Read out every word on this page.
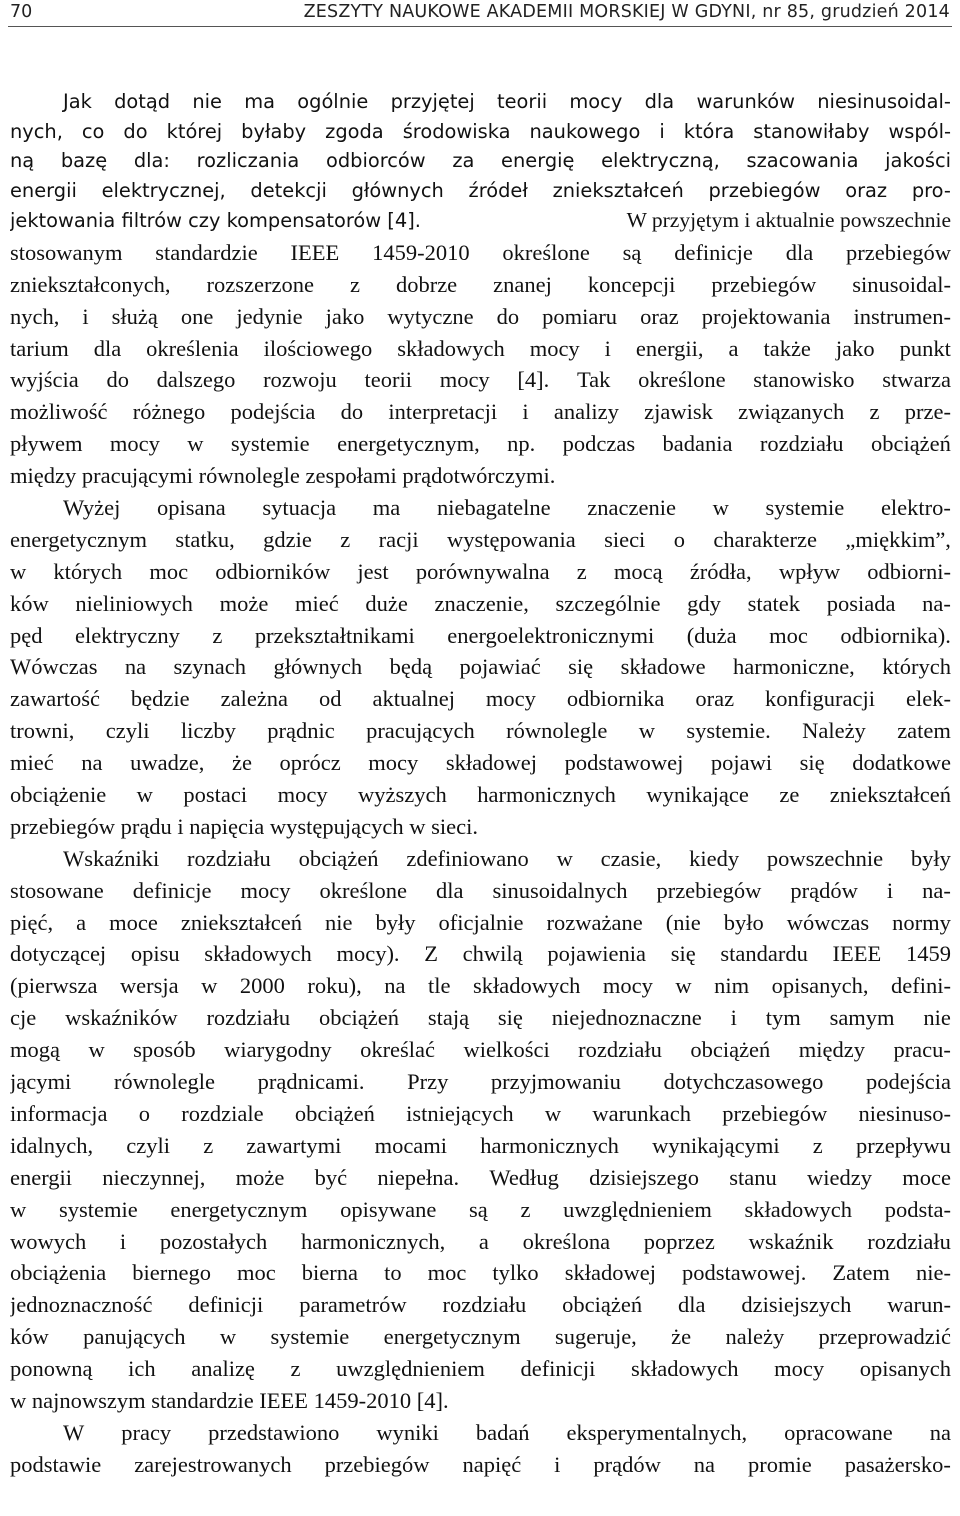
70	ZESZYTY NAUKOWE AKADEMII MORSKIEJ W GDYNI, nr 85, grudzień 2014

Jak dotąd nie ma ogólnie przyjętej teorii mocy dla warunków niesinusoidal-

nych, co do której byłaby zgoda środowiska naukowego i która stanowiłaby wspól-

ną bazę dla: rozliczania odbiorców za energię elektryczną, szacowania jakości

energii elektrycznej, detekcji głównych źródeł zniekształceń przebiegów oraz pro-

jektowania filtrów czy kompensatorów [4].	W przyjętym i aktualnie powszechnie
stosowanym standardzie IEEE 1459-2010 określone są definicje dla przebiegów
zniekształconych, rozszerzone z dobrze znanej koncepcji przebiegów sinusoidal-
nych, i służą one jedynie jako wytyczne do pomiaru oraz projektowania instrumen-
tarium dla określenia ilościowego składowych mocy i energii, a także jako punkt
wyjścia do dalszego rozwoju teorii mocy [4]. Tak określone stanowisko stwarza
możliwość różnego podejścia do interpretacji i analizy zjawisk związanych z prze-
pływem mocy w systemie energetycznym, np. podczas badania rozdziału obciążeń
między pracującymi równolegle zespołami prądotwórczymi.
Wyżej opisana sytuacja ma niebagatelne znaczenie w systemie elektro-
energetycznym statku, gdzie z racji występowania sieci o charakterze „miękkim”,
w których moc odbiorników jest porównywalna z mocą źródła, wpływ odbiorni-
ków nieliniowych może mieć duże znaczenie, szczególnie gdy statek posiada na-
pęd elektryczny z przekształtnikami energoelektronicznymi (duża moc odbiornika).
Wówczas na szynach głównych będą pojawiać się składowe harmoniczne, których
zawartość będzie zależna od aktualnej mocy odbiornika oraz konfiguracji elek-
trowni, czyli liczby prądnic pracujących równolegle w systemie. Należy zatem
mieć na uwadze, że oprócz mocy składowej podstawowej pojawi się dodatkowe
obciążenie w postaci mocy wyższych harmonicznych wynikające ze zniekształceń
przebiegów prądu i napięcia występujących w sieci.
Wskaźniki rozdziału obciążeń zdefiniowano w czasie, kiedy powszechnie były
stosowane definicje mocy określone dla sinusoidalnych przebiegów prądów i na-
pięć, a moce zniekształceń nie były oficjalnie rozważane (nie było wówczas normy
dotyczącej opisu składowych mocy). Z chwilą pojawienia się standardu IEEE 1459
(pierwsza wersja w 2000 roku), na tle składowych mocy w nim opisanych, defini-
cje wskaźników rozdziału obciążeń stają się niejednoznaczne i tym samym nie
mogą w sposób wiarygodny określać wielkości rozdziału obciążeń między pracu-
jącymi równolegle prądnicami. Przy przyjmowaniu dotychczasowego podejścia
informacja o rozdziale obciążeń istniejących w warunkach przebiegów niesinuso-
idalnych, czyli z zawartymi mocami harmonicznych wynikającymi z przepływu
energii nieczynnej, może być niepełna. Według dzisiejszego stanu wiedzy moce
w systemie energetycznym opisywane są z uwzględnieniem składowych podsta-
wowych i pozostałych harmonicznych, a określona poprzez wskaźnik rozdziału
obciążenia biernego moc bierna to moc tylko składowej podstawowej. Zatem nie-
jednoznaczność definicji parametrów rozdziału obciążeń dla dzisiejszych warun-
ków panujących w systemie energetycznym sugeruje, że należy przeprowadzić
ponowną ich analizę z uwzględnieniem definicji składowych mocy opisanych
w najnowszym standardzie IEEE 1459-2010 [4].
W pracy przedstawiono wyniki badań eksperymentalnych, opracowane na
podstawie zarejestrowanych przebiegów napięć i prądów na promie pasażersko-
